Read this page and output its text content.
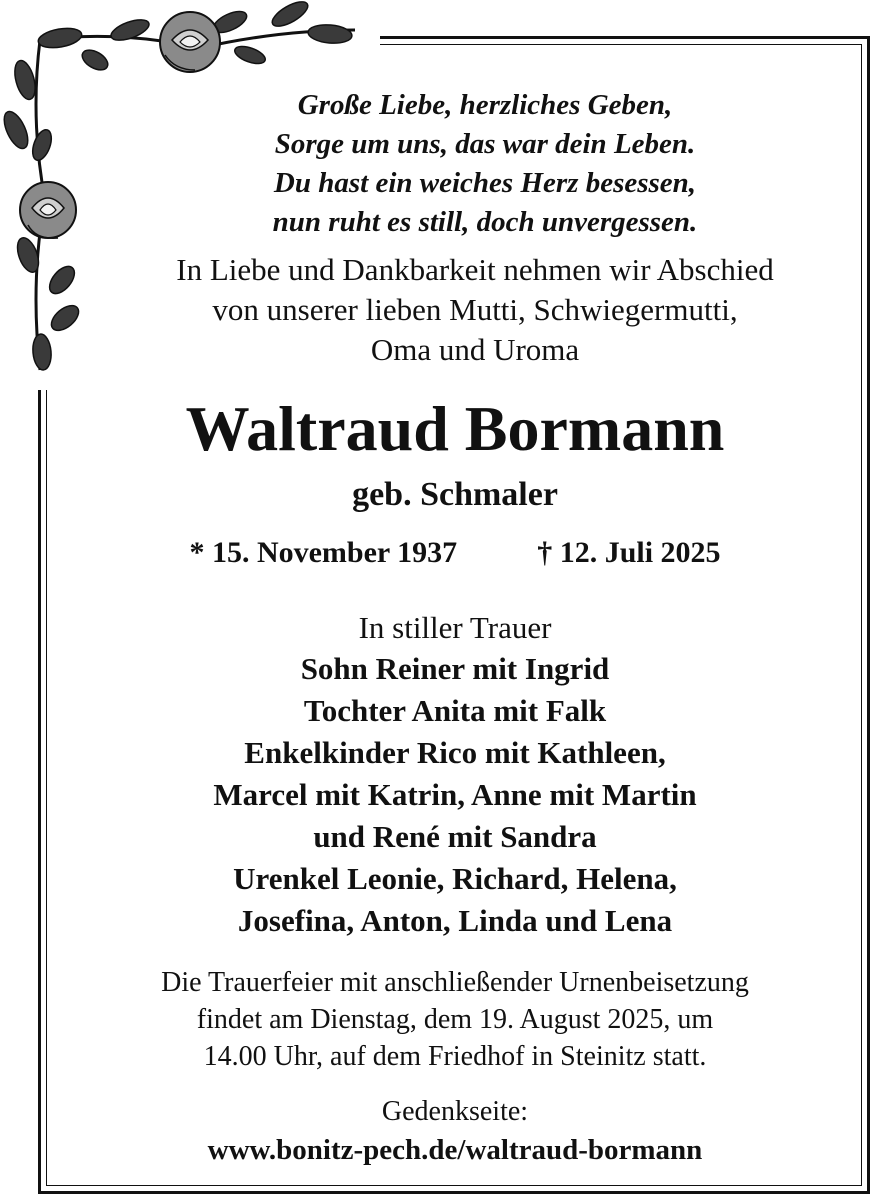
Große Liebe, herzliches Geben,
Sorge um uns, das war dein Leben.
Du hast ein weiches Herz besessen,
nun ruht es still, doch unvergessen.
In Liebe und Dankbarkeit nehmen wir Abschied
von unserer lieben Mutti, Schwiegermutti,
Oma und Uroma
Waltraud Bormann
geb. Schmaler
* 15. November 1937	† 12. Juli 2025
In stiller Trauer
Sohn Reiner mit Ingrid
Tochter Anita mit Falk
Enkelkinder Rico mit Kathleen,
Marcel mit Katrin, Anne mit Martin
und René mit Sandra
Urenkel Leonie, Richard, Helena,
Josefina, Anton, Linda und Lena
Die Trauerfeier mit anschließender Urnenbeisetzung
findet am Dienstag, dem 19. August 2025, um
14.00 Uhr, auf dem Friedhof in Steinitz statt.
Gedenkseite:
www.bonitz-pech.de/waltraud-bormann
